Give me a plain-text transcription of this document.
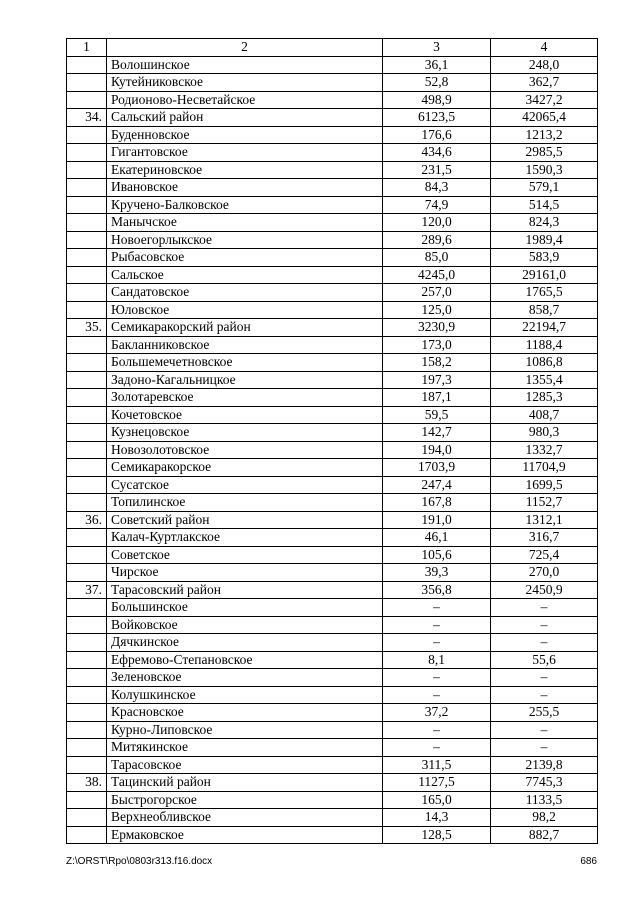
1	2	3	4
	Волошинское	36,1	248,0
	Кутейниковское	52,8	362,7
	Родионово-Несветайское	498,9	3427,2
34.	Сальский район	6123,5	42065,4
	Буденновское	176,6	1213,2
	Гигантовское	434,6	2985,5
	Екатериновское	231,5	1590,3
	Ивановское	84,3	579,1
	Кручено-Балковское	74,9	514,5
	Манычское	120,0	824,3
	Новоегорлыкское	289,6	1989,4
	Рыбасовское	85,0	583,9
	Сальское	4245,0	29161,0
	Сандатовское	257,0	1765,5
	Юловское	125,0	858,7
35.	Семикаракорский район	3230,9	22194,7
	Бакланниковское	173,0	1188,4
	Большемечетновское	158,2	1086,8
	Задоно-Кагальницкое	197,3	1355,4
	Золотаревское	187,1	1285,3
	Кочетовское	59,5	408,7
	Кузнецовское	142,7	980,3
	Новозолотовское	194,0	1332,7
	Семикаракорское	1703,9	11704,9
	Сусатское	247,4	1699,5
	Топилинское	167,8	1152,7
36.	Советский район	191,0	1312,1
	Калач-Куртлакское	46,1	316,7
	Советское	105,6	725,4
	Чирское	39,3	270,0
37.	Тарасовский район	356,8	2450,9
	Большинское	–	–
	Войковское	–	–
	Дячкинское	–	–
	Ефремово-Степановское	8,1	55,6
	Зеленовское	–	–
	Колушкинское	–	–
	Красновское	37,2	255,5
	Курно-Липовское	–	–
	Митякинское	–	–
	Тарасовское	311,5	2139,8
38.	Тацинский район	1127,5	7745,3
	Быстрогорское	165,0	1133,5
	Верхнеобливское	14,3	98,2
	Ермаковское	128,5	882,7
Z:\ORST\Rpo\0803r313.f16.docx	686
